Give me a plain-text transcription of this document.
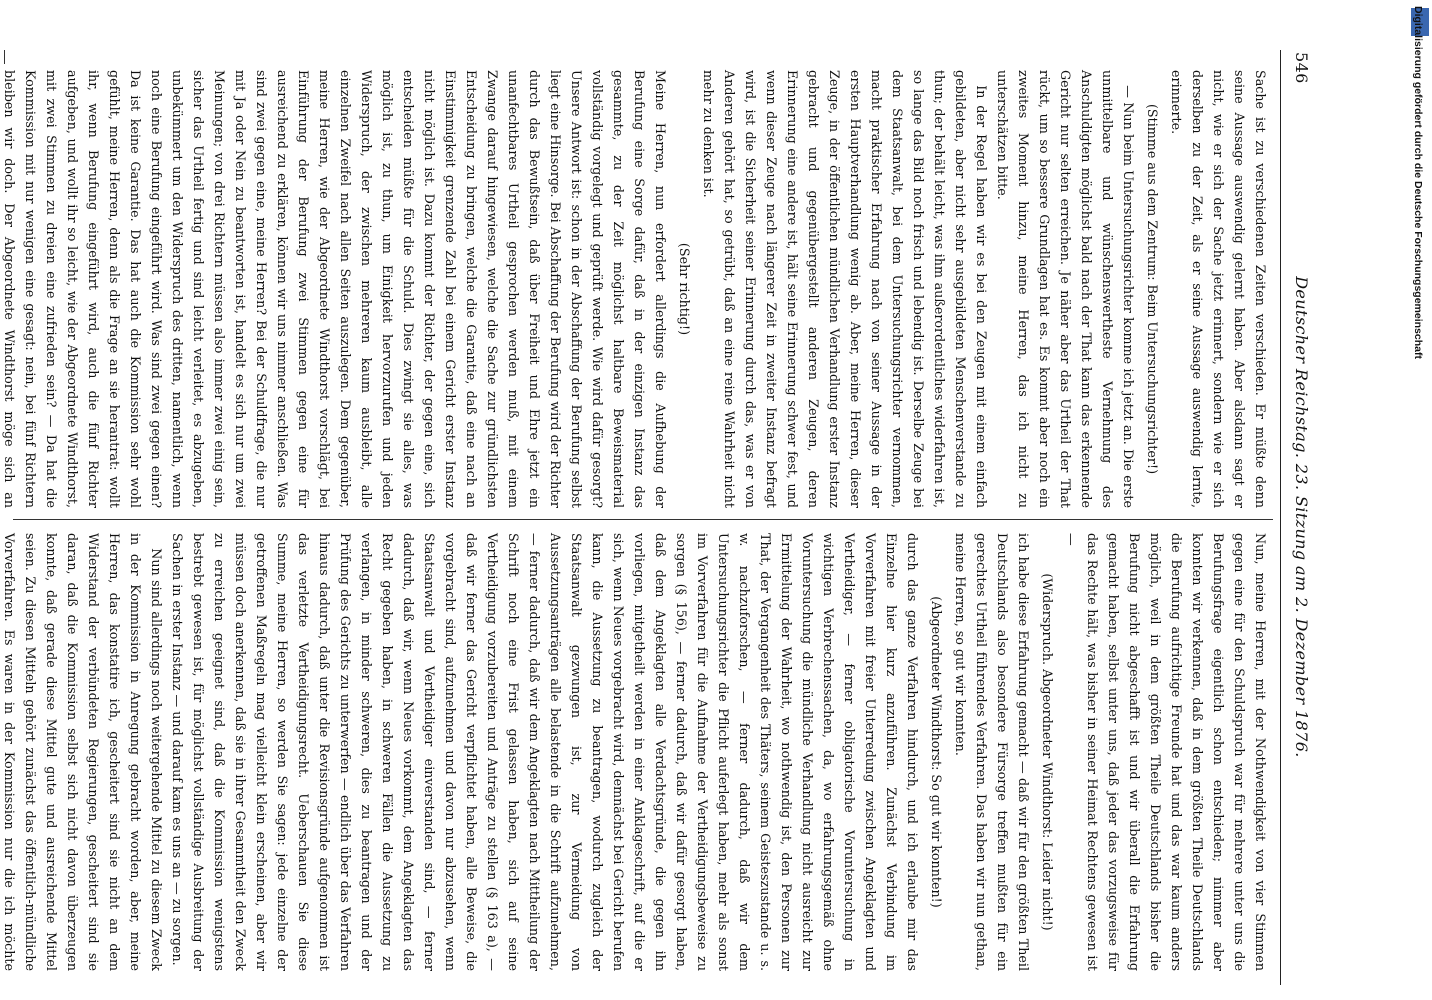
546
Deutscher Reichstag. 23. Sitzung am 2. Dezember 1876.

Sache ist zu verschiedenen Zeiten verschieden. Er müßte denn seine Aussage auswendig gelernt haben. Aber alsdann sagt er nicht, wie er sich der Sache jetzt erinnert, sondern wie er sich derselben zu der Zeit, als er seine Aussage auswendig lernte, erinnerte.

(Stimme aus dem Zentrum: Beim Untersuchungsrichter!)

— Nun beim Untersuchungsrichter komme ich jetzt an. Die erste unmittelbare und wünschenswertheste Vernehmung des Anschuldigten möglichst bald nach der That kann das erkennende Gericht nur selten erreichen. Je näher aber das Urtheil der That rückt, um so bessere Grundlagen hat es. Es kommt aber noch ein zweites Moment hinzu, meine Herren, das ich nicht zu unterschätzen bitte.

In der Regel haben wir es bei den Zeugen mit einem einfach gebildeten, aber nicht sehr ausgebildeten Menschenverstande zu thun; der behält leicht, was ihm außerordentliches widerfahren ist, so lange das Bild noch frisch und lebendig ist. Derselbe Zeuge bei dem Staatsanwalt, bei dem Untersuchungsrichter vernommen, macht praktischer Erfahrung nach von seiner Aussage in der ersten Hauptverhandlung wenig ab. Aber, meine Herren, dieser Zeuge, in der öffentlichen mündlichen Verhandlung erster Instanz gebracht und gegenübergestellt anderen Zeugen, deren Erinnerung eine andere ist, hält seine Erinnerung schwer fest, und wenn dieser Zeuge nach längerer Zeit in zweiter Instanz befragt wird, ist die Sicherheit seiner Erinnerung durch das, was er von Anderen gehört hat, so getrübt, daß an eine reine Wahrheit nicht mehr zu denken ist.

(Sehr richtig!)

Meine Herren, nun erfordert allerdings die Aufhebung der Berufung eine Sorge dafür, daß in der einzigen Instanz das gesammte, zu der Zeit möglichst haltbare Beweismaterial vollständig vorgelegt und geprüft werde. Wie wird dafür gesorgt? Unsere Antwort ist: schon in der Abschaffung der Berufung selbst liegt eine Hinsorge. Bei Abschaffung der Berufung wird der Richter durch das Bewußtsein, daß über Freiheit und Ehre jetzt ein unanfechtbares Urtheil gesprochen werden muß, mit einem Zwange darauf hingewiesen, welche die Sache zur gründlichsten Entscheidung zu bringen, welche die Garantie, daß eine nach an Einstimmigkeit grenzende Zahl bei einem Gericht erster Instanz nicht möglich ist. Dazu kommt der Richter, der gegen eine, sich entscheiden müßte für die Schuld. Dies zwingt sie alles, was möglich ist, zu thun, um Einigkeit hervorzurufen und jeden Widerspruch, der zwischen mehreren kaum ausbleibt, alle einzelnen Zweifel nach allen Seiten auszulegen. Dem gegenüber, meine Herren, wie der Abgeordnete Windthorst vorschlägt, bei Einführung der Berufung zwei Stimmen gegen eine für ausreichend zu erklären, können wir uns nimmer anschließen. Was sind zwei gegen eine, meine Herren? Bei der Schuldfrage, die nur mit Ja oder Nein zu beantworten ist, handelt es sich nur um zwei Meinungen; von drei Richtern müssen also immer zwei einig sein, sicher das Urtheil fertig und sind leicht verleitet, es abzugeben, unbekümmert um den Widerspruch des dritten, namentlich, wenn noch eine Berufung eingeführt wird. Was sind zwei gegen einen? Da ist keine Garantie. Das hat auch die Kommission sehr wohl gefühlt, meine Herren, denn als die Frage an sie herantrat: wollt ihr, wenn Berufung eingeführt wird, auch die fünf Richter aufgeben, und wollt ihr so leicht, wie der Abgeordnete Windthorst, mit zwei Stimmen zu dreien eine zufrieden sein? — Da hat die Kommission mit nur wenigen eine gesagt: nein, bei fünf Richtern bleiben wir doch. Der Abgeordnete Windthorst möge sich an

Nun, meine Herren, mit der Nothwendigkeit von vier Stimmen gegen eine für den Schuldspruch war für mehrere unter uns die Berufungsfrage eigentlich schon entschieden; nimmer aber konnten wir verkennen, daß in dem größten Theile Deutschlands die Berufung aufrichtige Freunde hat und das war kaum anders möglich, weil in dem größten Theile Deutschlands bisher die Berufung nicht abgeschafft ist und wir überall die Erfahrung gemacht haben, selbst unter uns, daß jeder das vorzugsweise für das Rechte hält, was bisher in seiner Heimat Rechtens gewesen ist —

(Widerspruch. Abgeordneter Windthorst: Leider nicht!)

ich habe diese Erfahrung gemacht — daß wir für den größten Theil Deutschlands also besondere Fürsorge treffen mußten für ein gerechtes Urtheil führendes Verfahren. Das haben wir nun gethan, meine Herren, so gut wir konnten.

(Abgeordneter Windthorst: So gut wir konnten!)

durch das ganze Verfahren hindurch, und ich erlaube mir das Einzelne hier kurz anzuführen. Zunächst Verbindung im Vorverfahren mit freier Unterredung zwischen Angeklagten und Vertheidiger, — ferner obligatorische Voruntersuchung in wichtigen Verbrechenssachen, da, wo erfahrungsgemäß ohne Voruntersuchung die mündliche Verhandlung nicht ausreicht zur Ermittelung der Wahrheit, wo nothwendig ist, den Personen zur That, der Vergangenheit des Thäters, seinem Geisteszustande u. s. w. nachzuforschen, — ferner dadurch, daß wir dem Untersuchungsrichter die Pflicht auferlegt haben, mehr als sonst im Vorverfahren für die Aufnahme der Vertheidigungsbeweise zu sorgen (§ 156), — ferner dadurch, daß wir dafür gesorgt haben, daß dem Angeklagten alle Verdachtsgründe, die gegen ihn vorliegen, mitgetheilt werden in einer Anklageschrift, auf die er sich, wenn Neues vorgebracht wird, demnächst bei Gericht berufen kann, die Aussetzung zu beantragen, wodurch zugleich der Staatsanwalt gezwungen ist, zur Vermeidung von Aussetzungsanträgen alle belastende in die Schrift aufzunehmen, — ferner dadurch, daß wir dem Angeklagten nach Mittheilung der Schrift noch eine Frist gelassen haben, sich auf seine Vertheidigung vorzubereiten und Anträge zu stellen (§ 163 a), — daß wir ferner das Gericht verpflichtet haben, alle Beweise, die vorgebracht sind, aufzunehmen und davon nur abzusehen, wenn Staatsanwalt und Vertheidiger einverstanden sind, — ferner dadurch, daß wir, wenn Neues vorkommt, dem Angeklagten das Recht gegeben haben, in schweren Fällen die Aussetzung zu verlangen, in minder schweren, dies zu beantragen und der Prüfung des Gerichts zu unterwerfen — endlich über das Verfahren hinaus dadurch, daß unter die Revisionsgründe aufgenommen ist das verletzte Vertheidigungsrecht. Ueberschauen Sie diese Summe, meine Herren, so werden Sie sagen: jede einzelne der getroffenen Maßregeln mag vielleicht klein erscheinen, aber wir müssen doch anerkennen, daß sie in ihrer Gesammtheit den Zweck zu erreichen geeignet sind, daß die Kommission wenigstens bestrebt gewesen ist, für möglichst vollständige Ausbreitung der Sachen in erster Instanz — und darauf kam es uns an — zu sorgen.

Nun sind allerdings noch weitergehende Mittel zu diesem Zweck in der Kommission in Anregung gebracht worden, aber, meine Herren, das konstatire ich, gescheitert sind sie nicht an dem Widerstand der verbündeten Regierungen, gescheitert sind sie daran, daß die Kommission selbst sich nicht davon überzeugen konnte, daß gerade diese Mittel gute und ausreichende Mittel seien. Zu diesen Mitteln gehört zunächst das öffentlich-mündliche Vorverfahren. Es waren in der Kommission nur die ich möchte

Digitalisierung gefördert durch die Deutsche Forschungsgemeinschaft
